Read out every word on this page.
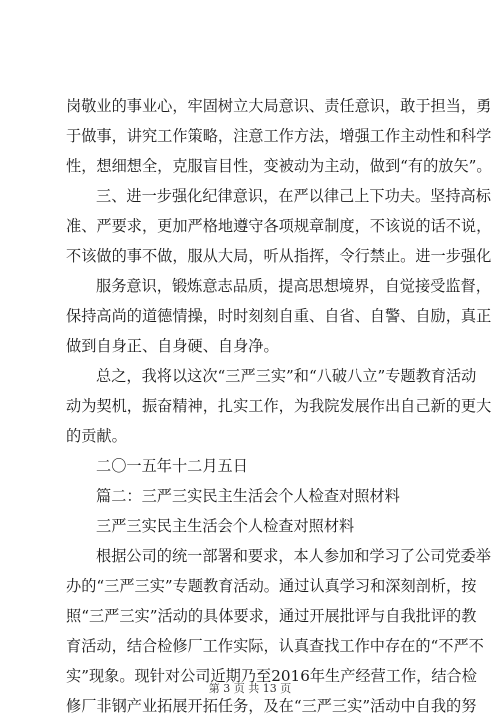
岗敬业的事业心，牢固树立大局意识、责任意识，敢于担当，勇
于做事，讲究工作策略，注意工作方法，增强工作主动性和科学
性，想细想全，克服盲目性，变被动为主动，做到“有的放矢”。
三、进一步强化纪律意识，在严以律己上下功夫。坚持高标
准、严要求，更加严格地遵守各项规章制度，不该说的话不说，
不该做的事不做，服从大局，听从指挥，令行禁止。进一步强化
服务意识，锻炼意志品质，提高思想境界，自觉接受监督，
保持高尚的道德情操，时时刻刻自重、自省、自警、自励，真正
做到自身正、自身硬、自身净。
总之，我将以这次“三严三实”和“八破八立”专题教育活动
动为契机，振奋精神，扎实工作，为我院发展作出自己新的更大
的贡献。
二〇一五年十二月五日
篇二：三严三实民主生活会个人检查对照材料
三严三实民主生活会个人检查对照材料
根据公司的统一部署和要求，本人参加和学习了公司党委举
办的“三严三实”专题教育活动。通过认真学习和深刻剖析，按
照“三严三实”活动的具体要求，通过开展批评与自我批评的教
育活动，结合检修厂工作实际，认真查找工作中存在的“不严不
实”现象。现针对公司近期乃至2016年生产经营工作，结合检
修厂非钢产业拓展开拓任务，及在“三严三实”活动中自我的努
第 3 页 共 13 页
